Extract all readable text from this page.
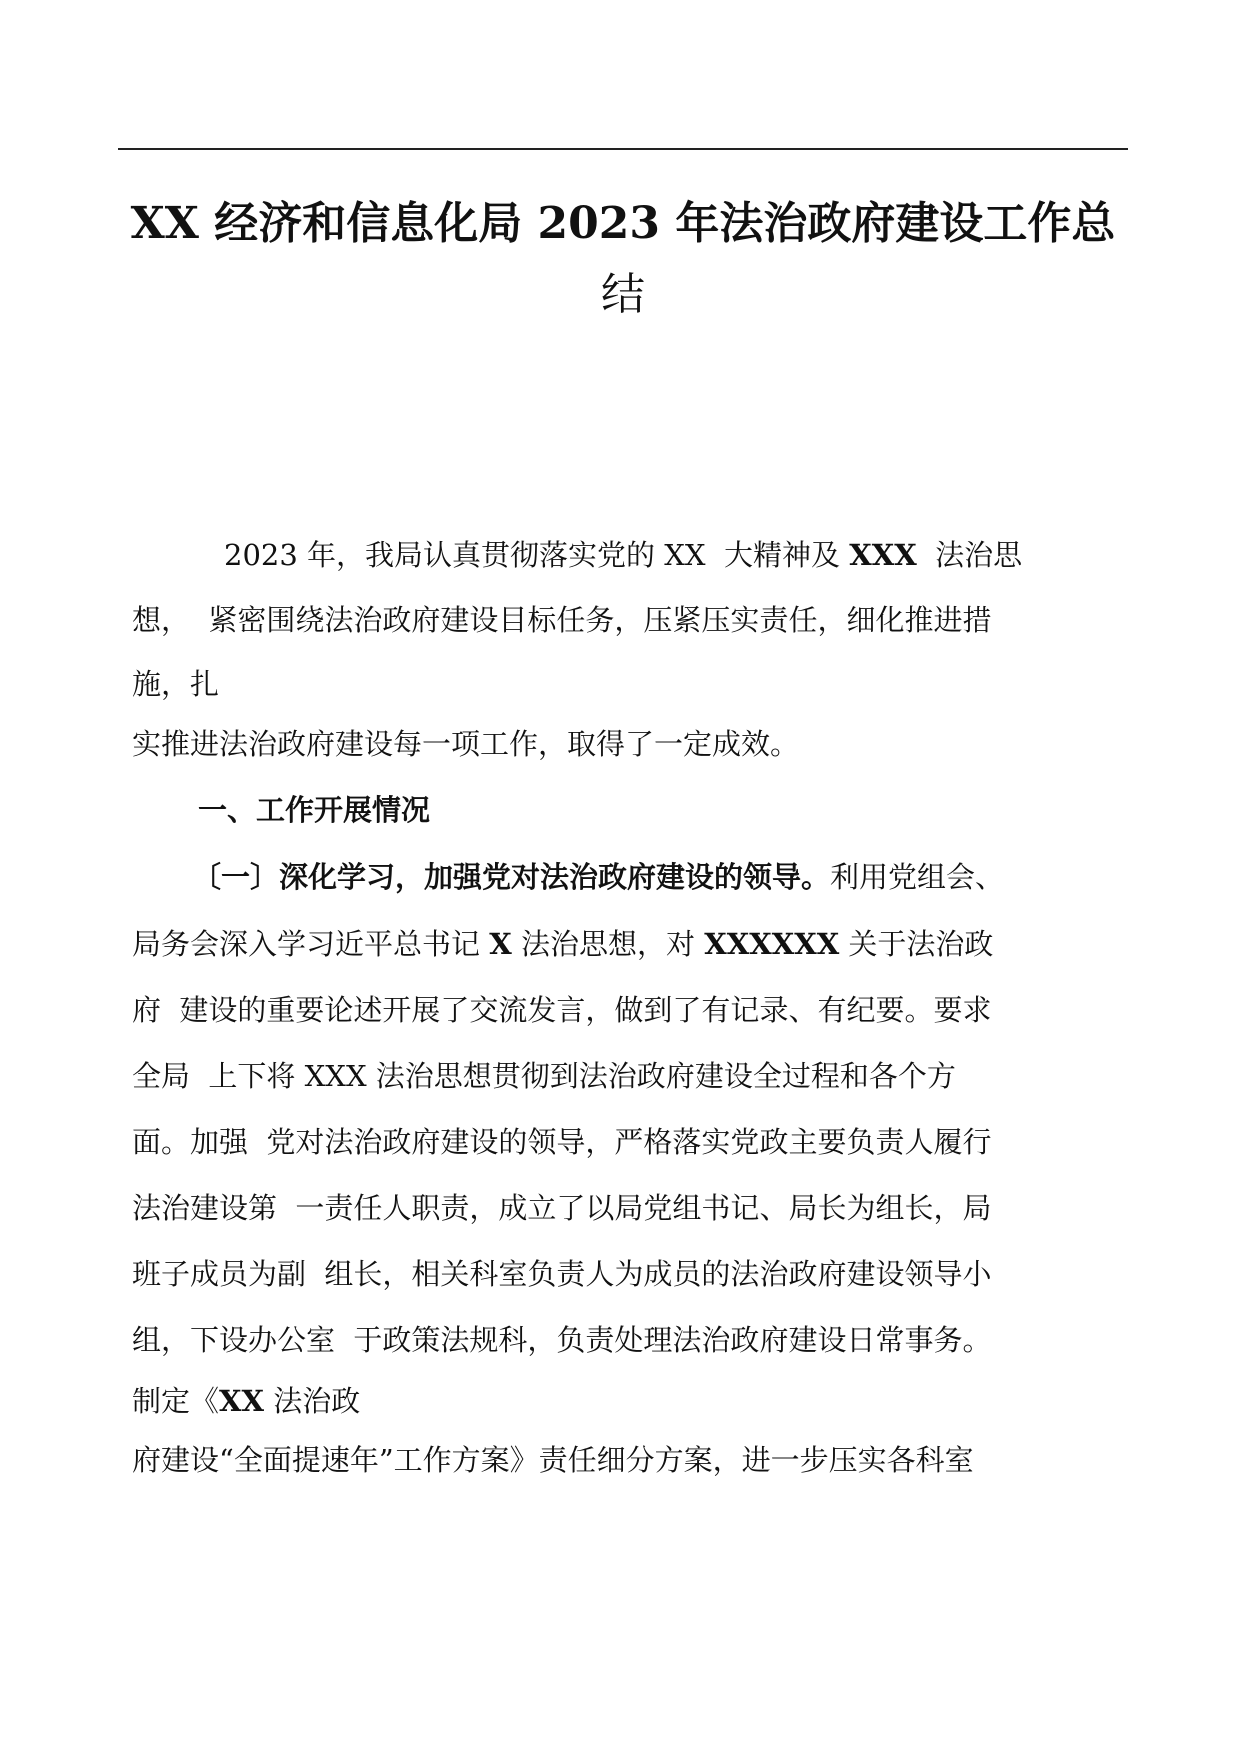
XX 经济和信息化局 2023 年法治政府建设工作总
结
2023 年，我局认真贯彻落实党的 XX  大精神及 XXX  法治思
想，  紧密围绕法治政府建设目标任务，压紧压实责任，细化推进措
施，扎
实推进法治政府建设每一项工作，取得了一定成效。
一、工作开展情况
〔一〕深化学习，加强党对法治政府建设的领导。利用党组会、
局务会深入学习近平总书记 X 法治思想，对 XXXXXX 关于法治政
府  建设的重要论述开展了交流发言，做到了有记录、有纪要。要求
全局  上下将 XXX 法治思想贯彻到法治政府建设全过程和各个方
面。加强  党对法治政府建设的领导，严格落实党政主要负责人履行
法治建设第  一责任人职责，成立了以局党组书记、局长为组长，局
班子成员为副  组长，相关科室负责人为成员的法治政府建设领导小
组，下设办公室  于政策法规科，负责处理法治政府建设日常事务。
制定《XX 法治政
府建设“全面提速年”工作方案》责任细分方案，进一步压实各科室
